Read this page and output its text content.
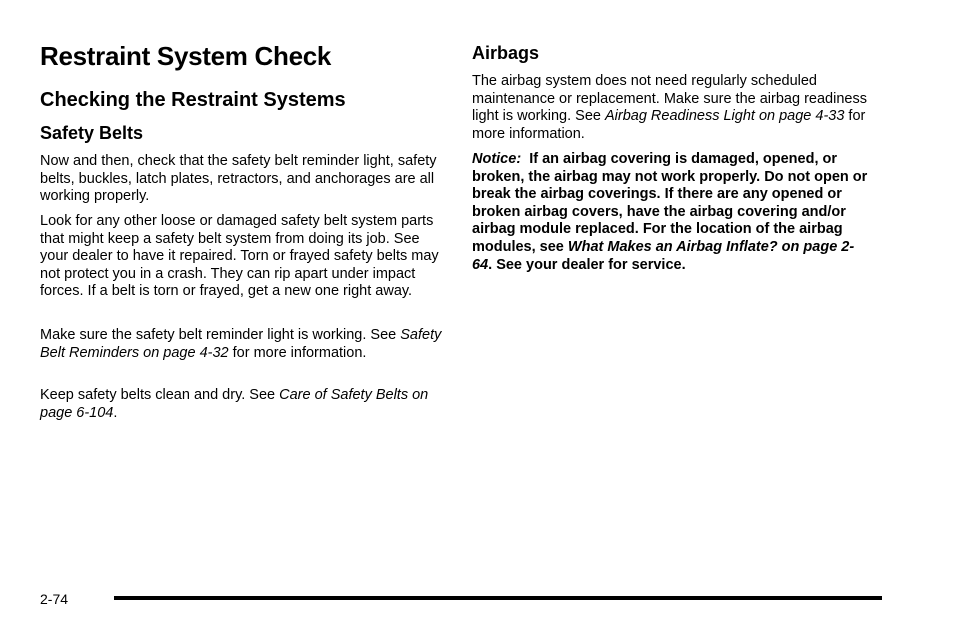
Restraint System Check
Checking the Restraint Systems
Safety Belts

Now and then, check that the safety belt reminder light, safety belts, buckles, latch plates, retractors, and anchorages are all working properly.

Look for any other loose or damaged safety belt system parts that might keep a safety belt system from doing its job. See your dealer to have it repaired. Torn or frayed safety belts may not protect you in a crash. They can rip apart under impact forces. If a belt is torn or frayed, get a new one right away.

Make sure the safety belt reminder light is working. See Safety Belt Reminders on page 4-32 for more information.

Keep safety belts clean and dry. See Care of Safety Belts on page 6-104.

Airbags

The airbag system does not need regularly scheduled maintenance or replacement. Make sure the airbag readiness light is working. See Airbag Readiness Light on page 4-33 for more information.

Notice:  If an airbag covering is damaged, opened, or broken, the airbag may not work properly. Do not open or break the airbag coverings. If there are any opened or broken airbag covers, have the airbag covering and/or airbag module replaced. For the location of the airbag modules, see What Makes an Airbag Inflate? on page 2-64. See your dealer for service.

2-74
